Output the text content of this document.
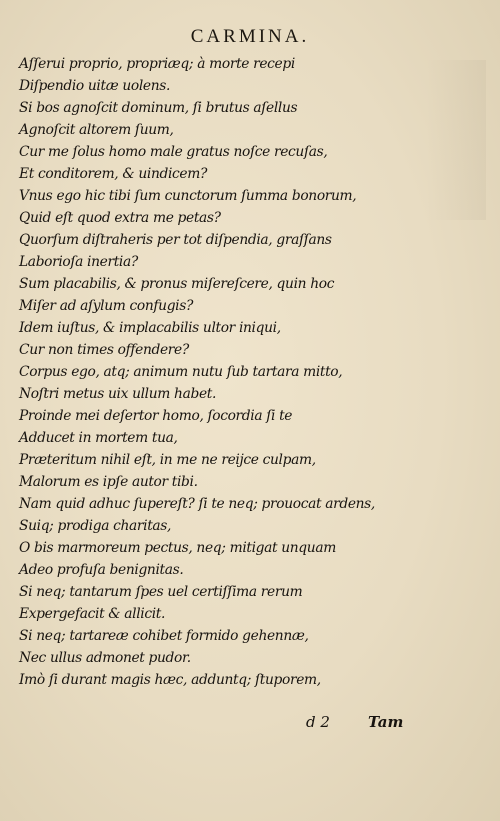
CARMINA.
Aſſerui proprio, propriæq; à morte recepi
Diſpendio uitæ uolens.
Si bos agnoſcit dominum, ſi brutus aſellus
Agnoſcit altorem ſuum,
Cur me ſolus homo male gratus noſce recuſas,
Et conditorem, & uindicem?
Vnus ego hic tibi ſum cunctorum ſumma bonorum,
Quid eſt quod extra me petas?
Quorſum diſtraheris per tot diſpendia, graſſans
Laborioſa inertia?
Sum placabilis, & pronus miſereſcere, quin hoc
Miſer ad aſylum confugis?
Idem iuſtus, & implacabilis ultor iniqui,
Cur non times offendere?
Corpus ego, atq; animum nutu ſub tartara mitto,
Noſtri metus uix ullum habet.
Proinde mei deſertor homo, ſocordia ſi te
Adducet in mortem tua,
Præteritum nihil eſt, in me ne reijce culpam,
Malorum es ipſe autor tibi.
Nam quid adhuc ſupereſt? ſi te neq; prouocat ardens,
Suiq; prodiga charitas,
O bis marmoreum pectus, neq; mitigat unquam
Adeo profuſa benignitas.
Si neq; tantarum ſpes uel certiſſima rerum
Expergefacit & allicit.
Si neq; tartareæ cohibet formido gehennæ,
Nec ullus admonet pudor.
Imò ſi durant magis hæc, adduntq; ſtuporem,
d 2	Tam
